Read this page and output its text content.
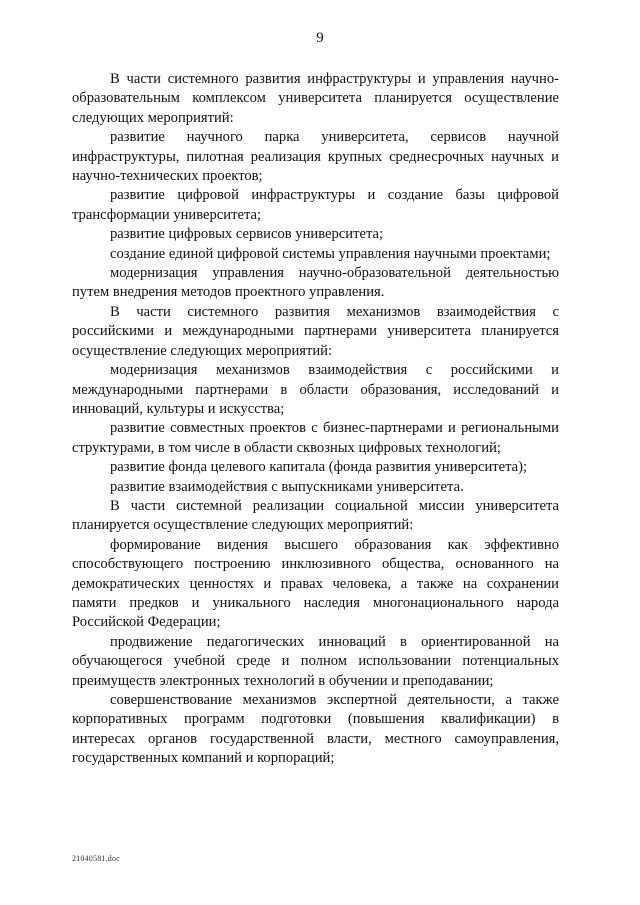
9

В части системного развития инфраструктуры и управления научно-образовательным комплексом университета планируется осуществление следующих мероприятий:

развитие научного парка университета, сервисов научной инфраструктуры, пилотная реализация крупных среднесрочных научных и научно-технических проектов;

развитие цифровой инфраструктуры и создание базы цифровой трансформации университета;

развитие цифровых сервисов университета;

создание единой цифровой системы управления научными проектами;

модернизация управления научно-образовательной деятельностью путем внедрения методов проектного управления.

В части системного развития механизмов взаимодействия с российскими и международными партнерами университета планируется осуществление следующих мероприятий:

модернизация механизмов взаимодействия с российскими и международными партнерами в области образования, исследований и инноваций, культуры и искусства;

развитие совместных проектов с бизнес-партнерами и региональными структурами, в том числе в области сквозных цифровых технологий;

развитие фонда целевого капитала (фонда развития университета);

развитие взаимодействия с выпускниками университета.

В части системной реализации социальной миссии университета планируется осуществление следующих мероприятий:

формирование видения высшего образования как эффективно способствующего построению инклюзивного общества, основанного на демократических ценностях и правах человека, а также на сохранении памяти предков и уникального наследия многонационального народа Российской Федерации;

продвижение педагогических инноваций в ориентированной на обучающегося учебной среде и полном использовании потенциальных преимуществ электронных технологий в обучении и преподавании;

совершенствование механизмов экспертной деятельности, а также корпоративных программ подготовки (повышения квалификации) в интересах органов государственной власти, местного самоуправления, государственных компаний и корпораций;

21040581.doc
